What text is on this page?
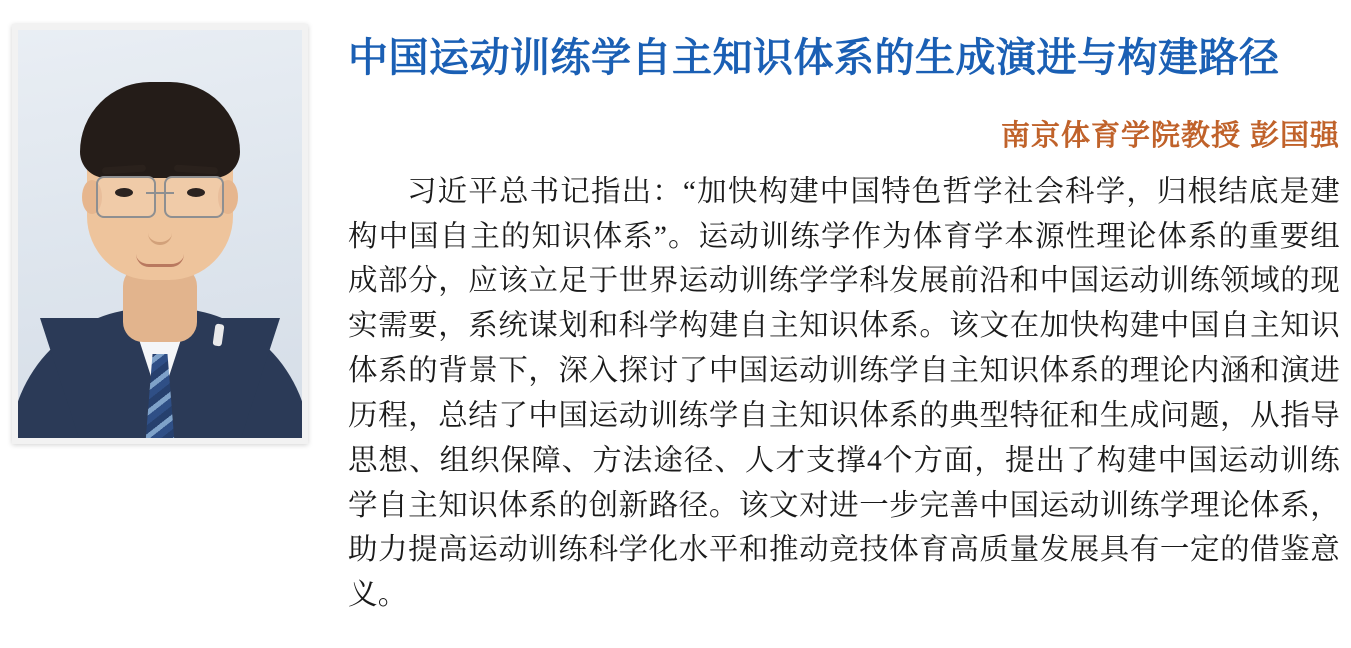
中国运动训练学自主知识体系的生成演进与构建路径
南京体育学院教授 彭国强

习近平总书记指出：“加快构建中国特色哲学社会科学，归根结底是建构中国自主的知识体系”。运动训练学作为体育学本源性理论体系的重要组成部分，应该立足于世界运动训练学学科发展前沿和中国运动训练领域的现实需要，系统谋划和科学构建自主知识体系。该文在加快构建中国自主知识体系的背景下，深入探讨了中国运动训练学自主知识体系的理论内涵和演进历程，总结了中国运动训练学自主知识体系的典型特征和生成问题，从指导思想、组织保障、方法途径、人才支撑4个方面，提出了构建中国运动训练学自主知识体系的创新路径。该文对进一步完善中国运动训练学理论体系，助力提高运动训练科学化水平和推动竞技体育高质量发展具有一定的借鉴意义。
